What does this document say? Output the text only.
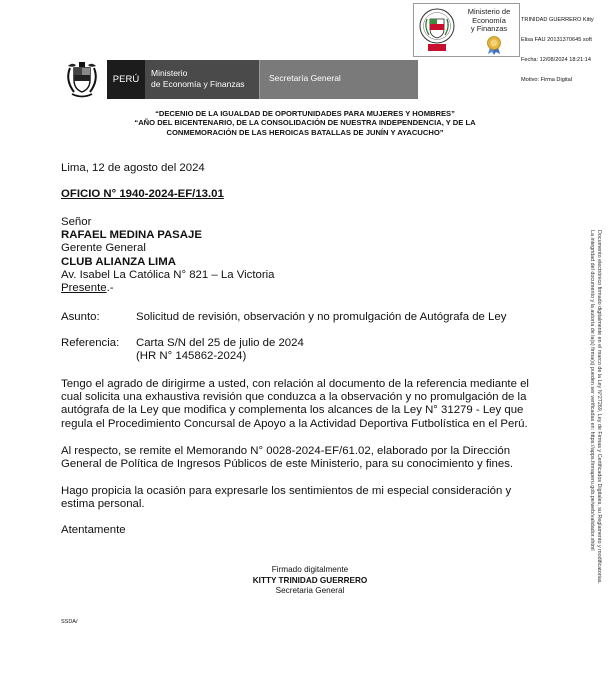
Ministerio de
Economía
y Finanzas

TRINIDAD GUERRERO Kitty

Elisa FAU 20131370645 soft

Fecha: 12/08/2024 18:21:14

Motivo: Firma Digital

PERÚ
Ministerio
de Economía y Finanzas
Secretaría General
“DECENIO DE LA IGUALDAD DE OPORTUNIDADES PARA MUJERES Y HOMBRES”
“AÑO DEL BICENTENARIO, DE LA CONSOLIDACIÓN DE NUESTRA INDEPENDENCIA, Y DE LA
CONMEMORACIÓN DE LAS HEROICAS BATALLAS DE JUNÍN Y AYACUCHO”
Lima, 12 de agosto del 2024
OFICIO N° 1940-2024-EF/13.01
Señor
RAFAEL MEDINA PASAJE
Gerente General
CLUB ALIANZA LIMA
Av. Isabel La Católica N° 821 – La Victoria
Presente.-
Asunto:	Solicitud de revisión, observación y no promulgación de Autógrafa de Ley
Referencia: Carta S/N del 25 de julio de 2024
(HR N° 145862-2024)
Tengo el agrado de dirigirme a usted, con relación al documento de la referencia mediante el
cual solicita una exhaustiva revisión que conduzca a la observación y no promulgación de la
autógrafa de la Ley que modifica y complementa los alcances de la Ley N° 31279 - Ley que
regula el Procedimiento Concursal de Apoyo a la Actividad Deportiva Futbolística en el Perú.
Al respecto, se remite el Memorando N° 0028-2024-EF/61.02, elaborado por la Dirección
General de Política de Ingresos Públicos de este Ministerio, para su conocimiento y fines.
Hago propicia la ocasión para expresarle los sentimientos de mi especial consideración y
estima personal.
Atentamente
Firmado digitalmente
KITTY TRINIDAD GUERRERO
Secretaria General
SSDA/
Documento electrónico firmado digitalmente en el marco de la Ley N°27269, Ley de Firmas y Certificados Digitales, su Reglamento y modificatorias.
La integridad del documento y la autoría de la(s) firma(s) pueden ser verificadas en: https://apps.firmaperu.gob.pe/web/validador.xhtml
